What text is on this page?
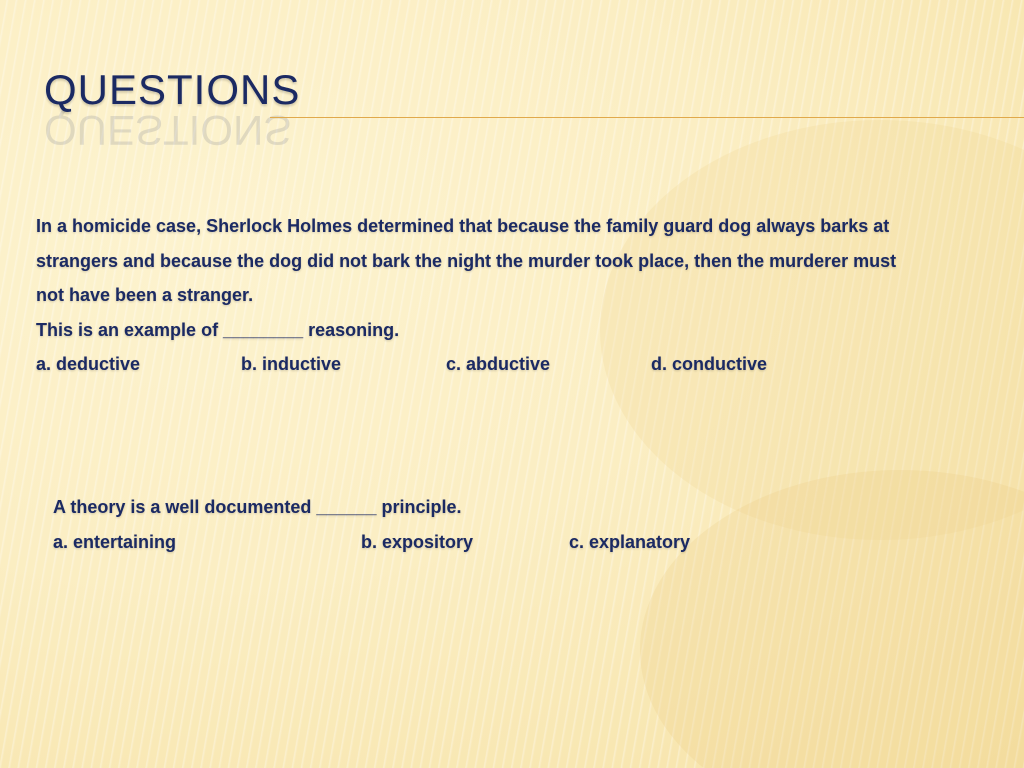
QUESTIONS
QUESTIONS

In a homicide case, Sherlock Holmes determined that because the family guard dog always barks at

strangers and because the dog did not bark the night the murder took place, then the murderer must

not have been a stranger.

This is an example of ________ reasoning.

a. deductive	b. inductive	c. abductive	d. conductive

A theory is a well documented ______ principle.

a. entertaining	b. expository	c. explanatory
